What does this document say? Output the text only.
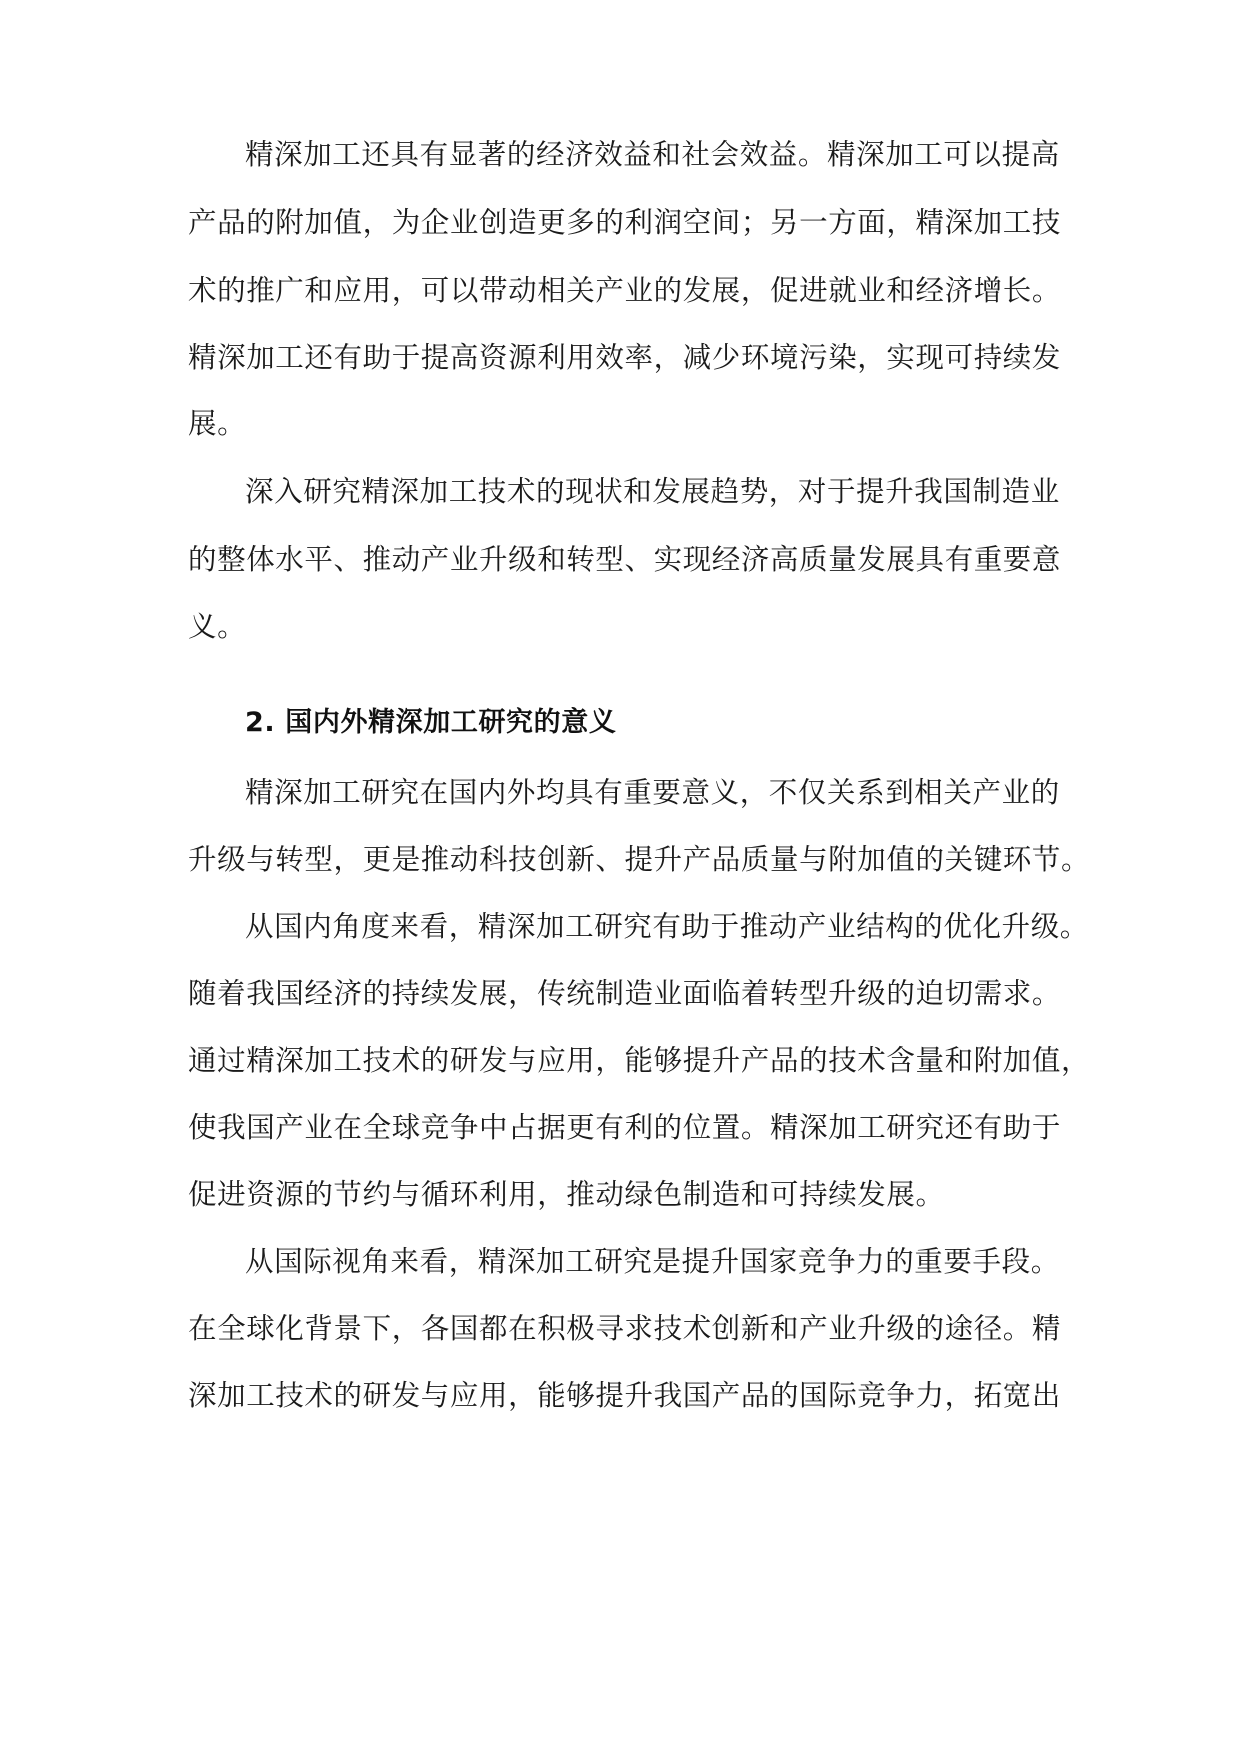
精深加工还具有显著的经济效益和社会效益。精深加工可以提高

产品的附加值，为企业创造更多的利润空间；另一方面，精深加工技

术的推广和应用，可以带动相关产业的发展，促进就业和经济增长。

精深加工还有助于提高资源利用效率，减少环境污染，实现可持续发

展。

深入研究精深加工技术的现状和发展趋势，对于提升我国制造业

的整体水平、推动产业升级和转型、实现经济高质量发展具有重要意

义。

2. 国内外精深加工研究的意义

精深加工研究在国内外均具有重要意义，不仅关系到相关产业的

升级与转型，更是推动科技创新、提升产品质量与附加值的关键环节。

从国内角度来看，精深加工研究有助于推动产业结构的优化升级。

随着我国经济的持续发展，传统制造业面临着转型升级的迫切需求。

通过精深加工技术的研发与应用，能够提升产品的技术含量和附加值，

使我国产业在全球竞争中占据更有利的位置。精深加工研究还有助于

促进资源的节约与循环利用，推动绿色制造和可持续发展。

从国际视角来看，精深加工研究是提升国家竞争力的重要手段。

在全球化背景下，各国都在积极寻求技术创新和产业升级的途径。精

深加工技术的研发与应用，能够提升我国产品的国际竞争力，拓宽出
